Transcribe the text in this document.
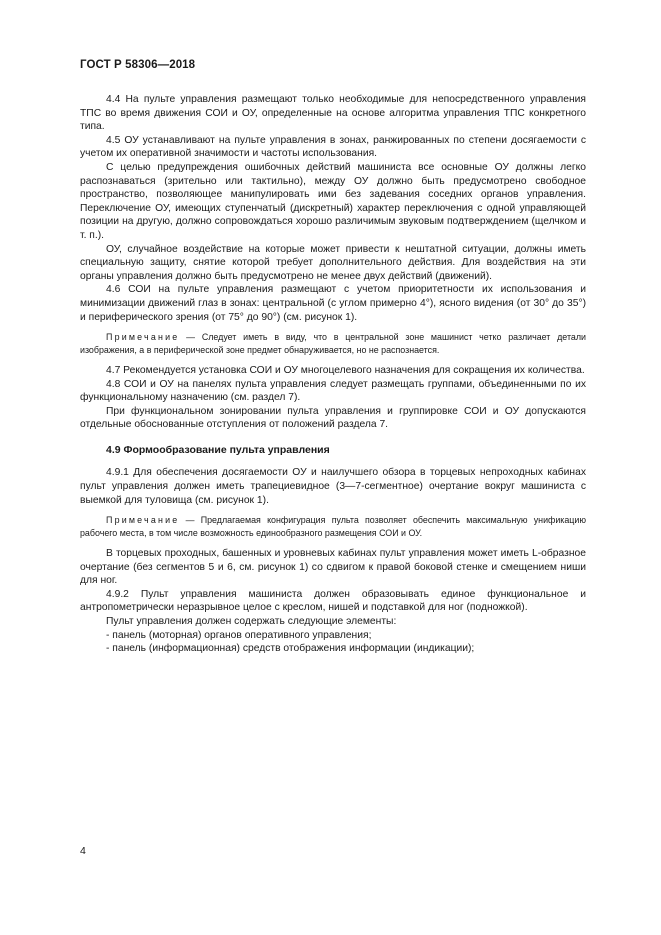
ГОСТ Р 58306—2018

4.4 На пульте управления размещают только необходимые для непосредственного управления ТПС во время движения СОИ и ОУ, определенные на основе алгоритма управления ТПС конкретного типа.

4.5 ОУ устанавливают на пульте управления в зонах, ранжированных по степени досягаемости с учетом их оперативной значимости и частоты использования.

С целью предупреждения ошибочных действий машиниста все основные ОУ должны легко распознаваться (зрительно или тактильно), между ОУ должно быть предусмотрено свободное пространство, позволяющее манипулировать ими без задевания соседних органов управления. Переключение ОУ, имеющих ступенчатый (дискретный) характер переключения с одной управляющей позиции на другую, должно сопровождаться хорошо различимым звуковым подтверждением (щелчком и т. п.).

ОУ, случайное воздействие на которые может привести к нештатной ситуации, должны иметь специальную защиту, снятие которой требует дополнительного действия. Для воздействия на эти органы управления должно быть предусмотрено не менее двух действий (движений).

4.6 СОИ на пульте управления размещают с учетом приоритетности их использования и минимизации движений глаз в зонах: центральной (с углом примерно 4°), ясного видения (от 30° до 35°) и периферического зрения (от 75° до 90°) (см. рисунок 1).

Примечание — Следует иметь в виду, что в центральной зоне машинист четко различает детали изображения, а в периферической зоне предмет обнаруживается, но не распознается.

4.7 Рекомендуется установка СОИ и ОУ многоцелевого назначения для сокращения их количества.

4.8 СОИ и ОУ на панелях пульта управления следует размещать группами, объединенными по их функциональному назначению (см. раздел 7).

При функциональном зонировании пульта управления и группировке СОИ и ОУ допускаются отдельные обоснованные отступления от положений раздела 7.

4.9 Формообразование пульта управления

4.9.1 Для обеспечения досягаемости ОУ и наилучшего обзора в торцевых непроходных кабинах пульт управления должен иметь трапециевидное (3—7-сегментное) очертание вокруг машиниста с выемкой для туловища (см. рисунок 1).

Примечание — Предлагаемая конфигурация пульта позволяет обеспечить максимальную унификацию рабочего места, в том числе возможность единообразного размещения СОИ и ОУ.

В торцевых проходных, башенных и уровневых кабинах пульт управления может иметь L-образное очертание (без сегментов 5 и 6, см. рисунок 1) со сдвигом к правой боковой стенке и смещением ниши для ног.

4.9.2 Пульт управления машиниста должен образовывать единое функциональное и антропометрически неразрывное целое с креслом, нишей и подставкой для ног (подножкой).

Пульт управления должен содержать следующие элементы:

- панель (моторная) органов оперативного управления;
- панель (информационная) средств отображения информации (индикации);
4
